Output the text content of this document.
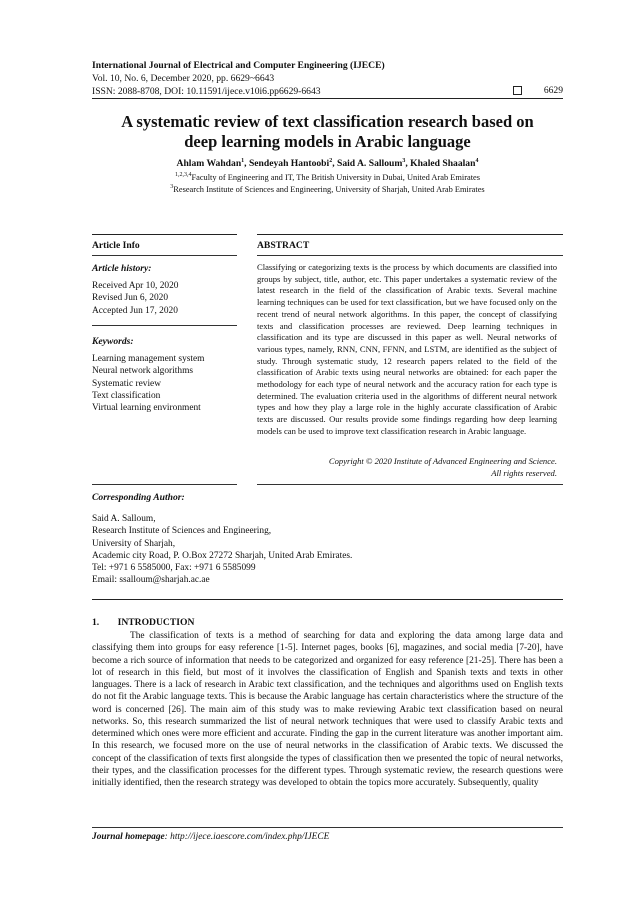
International Journal of Electrical and Computer Engineering (IJECE)
Vol. 10, No. 6, December 2020, pp. 6629~6643
ISSN: 2088-8708, DOI: 10.11591/ijece.v10i6.pp6629-6643	6629
A systematic review of text classification research based on
deep learning models in Arabic language
Ahlam Wahdan$^1$, Sendeyah Hantoobi$^2$, Said A. Salloum$^3$, Khaled Shaalan$^4$
$^{1,2,3,4}$Faculty of Engineering and IT, The British University in Dubai, United Arab Emirates
$^3$Research Institute of Sciences and Engineering, University of Sharjah, United Arab Emirates
Article Info	ABSTRACT
Article history:
Received Apr 10, 2020
Revised Jun 6, 2020
Accepted Jun 17, 2020
Keywords:
Learning management system
Neural network algorithms
Systematic review
Text classification
Virtual learning environment
Classifying or categorizing texts is the process by which documents are classified into groups by subject, title, author, etc. This paper undertakes a systematic review of the latest research in the field of the classification of Arabic texts. Several machine learning techniques can be used for text classification, but we have focused only on the recent trend of neural network algorithms. In this paper, the concept of classifying texts and classification processes are reviewed. Deep learning techniques in classification and its type are discussed in this paper as well. Neural networks of various types, namely, RNN, CNN, FFNN, and LSTM, are identified as the subject of study. Through systematic study, 12 research papers related to the field of the classification of Arabic texts using neural networks are obtained: for each paper the methodology for each type of neural network and the accuracy ration for each type is determined. The evaluation criteria used in the algorithms of different neural network types and how they play a large role in the highly accurate classification of Arabic texts are discussed. Our results provide some findings regarding how deep learning models can be used to improve text classification research in Arabic language.
Copyright © 2020 Institute of Advanced Engineering and Science.
All rights reserved.
Corresponding Author:
Said A. Salloum,
Research Institute of Sciences and Engineering,
University of Sharjah,
Academic city Road, P. O.Box 27272 Sharjah, United Arab Emirates.
Tel: +971 6 5585000, Fax: +971 6 5585099
Email: ssalloum@sharjah.ac.ae
1. INTRODUCTION
The classification of texts is a method of searching for data and exploring the data among large data and classifying them into groups for easy reference [1-5]. Internet pages, books [6], magazines, and social media [7-20], have become a rich source of information that needs to be categorized and organized for easy reference [21-25]. There has been a lot of research in this field, but most of it involves the classification of English and Spanish texts and texts in other languages. There is a lack of research in Arabic text classification, and the techniques and algorithms used on English texts do not fit the Arabic language texts. This is because the Arabic language has certain characteristics where the structure of the word is concerned [26]. The main aim of this study was to make reviewing Arabic text classification based on neural networks. So, this research summarized the list of neural network techniques that were used to classify Arabic texts and determined which ones were more efficient and accurate. Finding the gap in the current literature was another important aim. In this research, we focused more on the use of neural networks in the classification of Arabic texts. We discussed the concept of the classification of texts first alongside the types of classification then we presented the topic of neural networks, their types, and the classification processes for the different types. Through systematic review, the research questions were initially identified, then the research strategy was developed to obtain the topics more accurately. Subsequently, quality
Journal homepage: http://ijece.iaescore.com/index.php/IJECE
